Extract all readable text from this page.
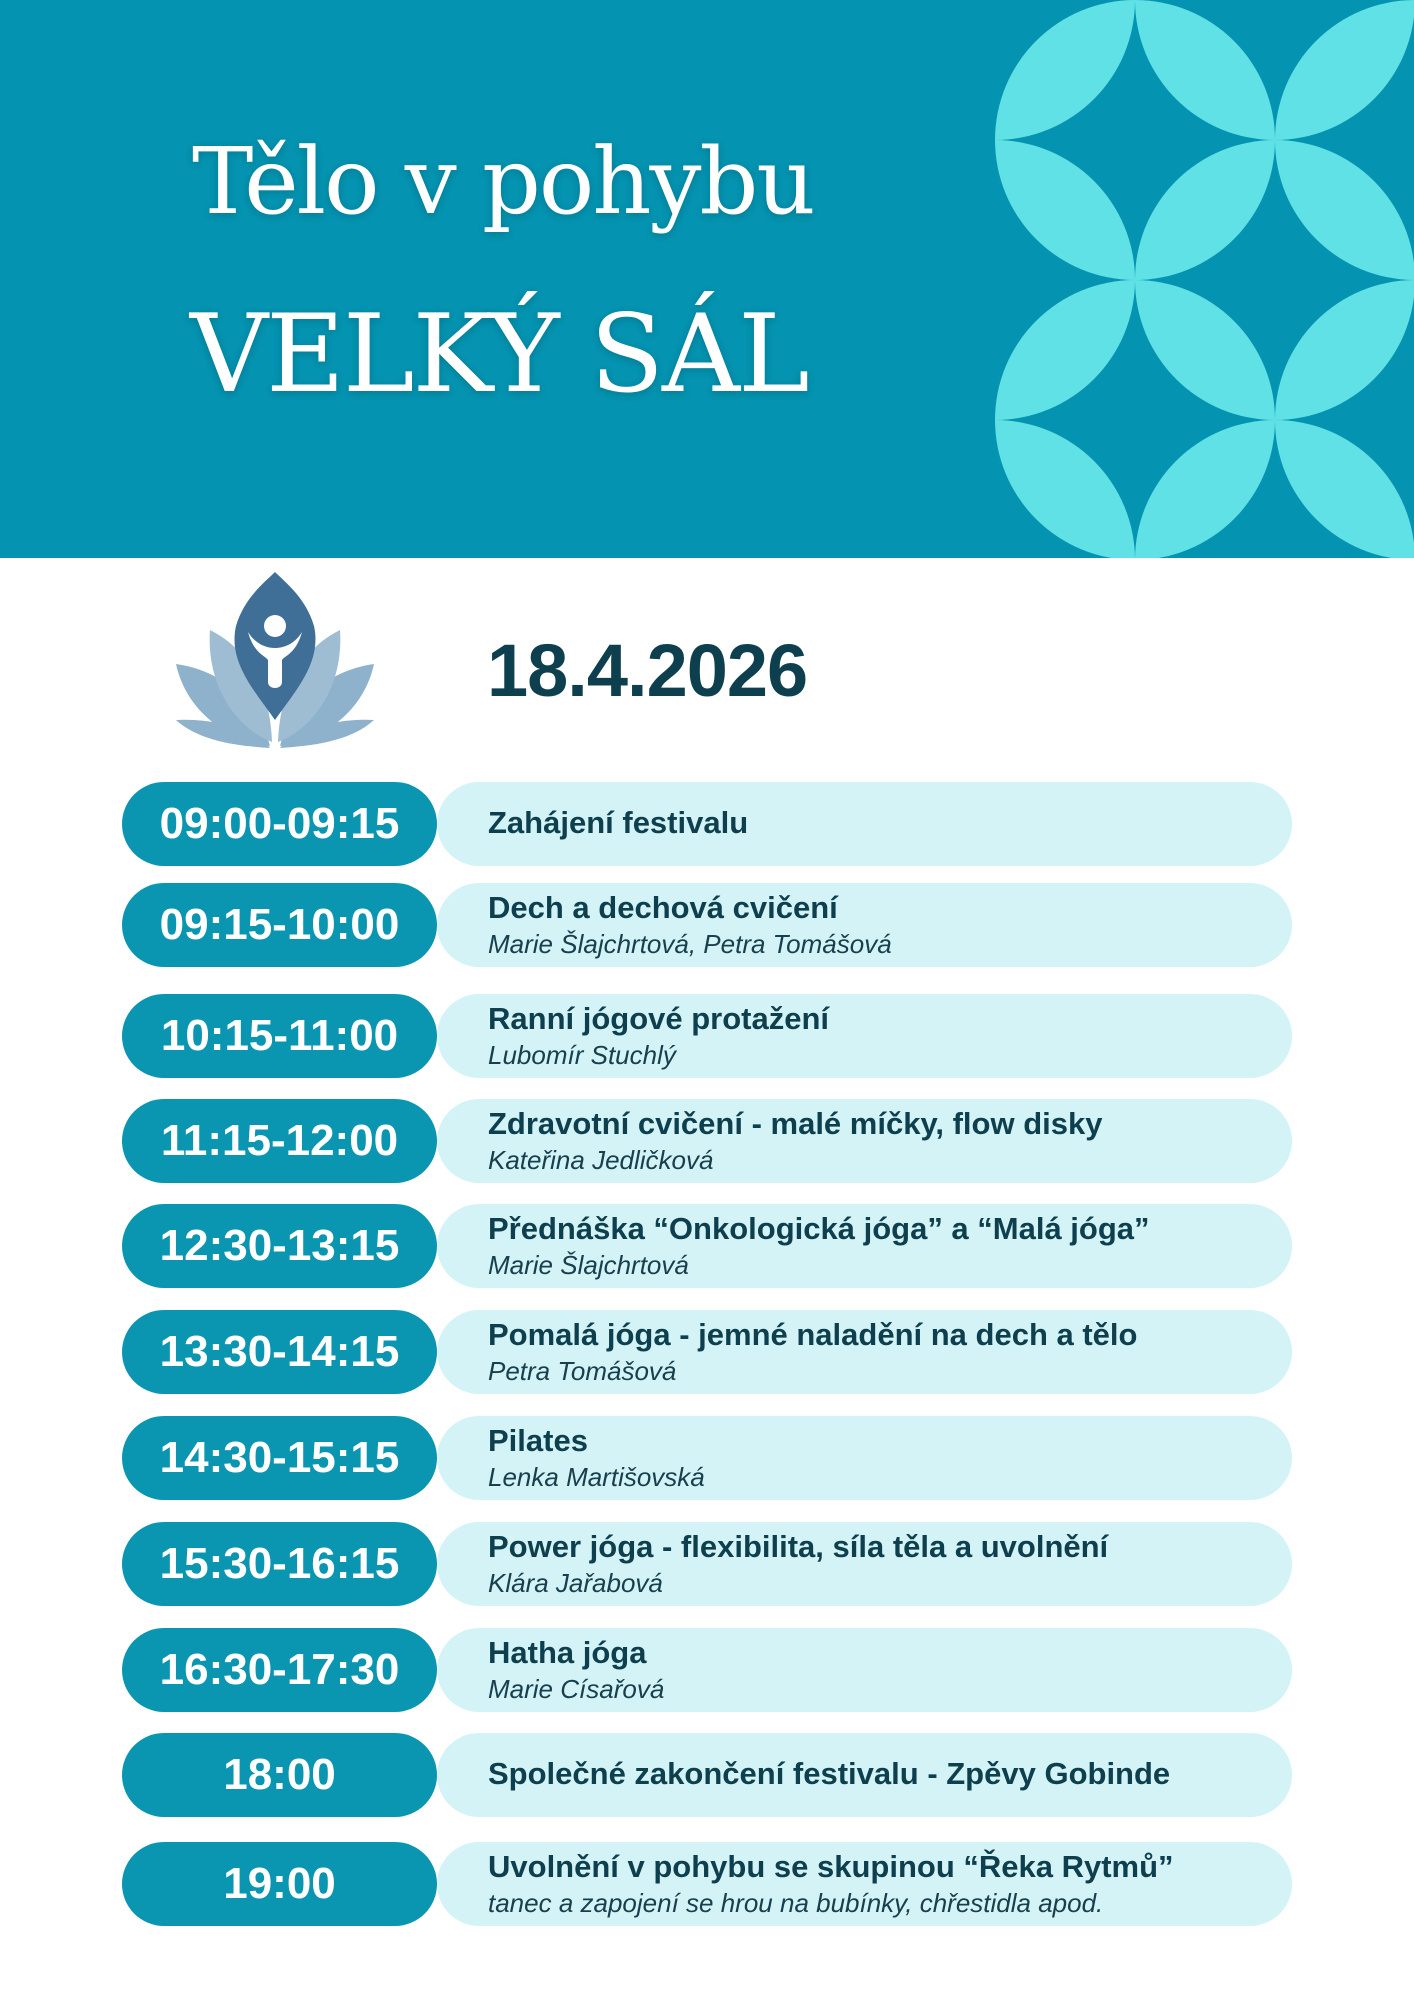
Tělo v pohybu
VELKÝ SÁL
18.4.2026
09:00-09:15	Zahájení festivalu
09:15-10:00	Dech a dechová cvičení
Marie Šlajchrtová, Petra Tomášová
10:15-11:00	Ranní jógové protažení
Lubomír Stuchlý
11:15-12:00	Zdravotní cvičení - malé míčky, flow disky
Kateřina Jedličková
12:30-13:15	Přednáška “Onkologická jóga” a “Malá jóga”
Marie Šlajchrtová
13:30-14:15	Pomalá jóga - jemné naladění na dech a tělo
Petra Tomášová
14:30-15:15	Pilates
Lenka Martišovská
15:30-16:15	Power jóga - flexibilita, síla těla a uvolnění
Klára Jařabová
16:30-17:30	Hatha jóga
Marie Císařová
18:00	Společné zakončení festivalu - Zpěvy Gobinde
19:00	Uvolnění v pohybu se skupinou “Řeka Rytmů”
tanec a zapojení se hrou na bubínky, chřestidla apod.
